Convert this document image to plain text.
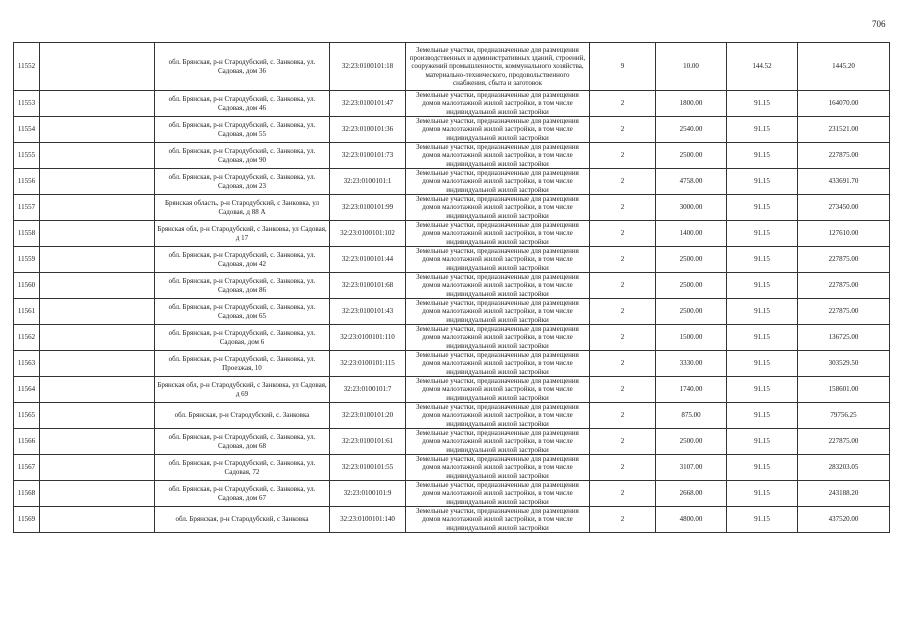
706
11552		обл. Брянская, р-н Стародубский, с. Занковка, ул. Садовая, дом 36	32:23:0100101:18	Земельные участки, предназначенные для размещения производственных и административных зданий, строений, сооружений промышленности, коммунального хозяйства, материально-технического, продовольственного снабжения, сбыта и заготовок	9	10.00	144.52	1445.20
11553		обл. Брянская, р-н Стародубский, с. Занковка, ул. Садовая, дом 46	32:23:0100101:47	Земельные участки, предназначенные для размещения домов малоэтажной жилой застройки, в том числе индивидуальной жилой застройки	2	1800.00	91.15	164070.00
11554		обл. Брянская, р-н Стародубский, с. Занковка, ул. Садовая, дом 55	32:23:0100101:36	Земельные участки, предназначенные для размещения домов малоэтажной жилой застройки, в том числе индивидуальной жилой застройки	2	2540.00	91.15	231521.00
11555		обл. Брянская, р-н Стародубский, с. Занковка, ул. Садовая, дом 90	32:23:0100101:73	Земельные участки, предназначенные для размещения домов малоэтажной жилой застройки, в том числе индивидуальной жилой застройки	2	2500.00	91.15	227875.00
11556		обл. Брянская, р-н Стародубский, с. Занковка, ул. Садовая, дом 23	32:23:0100101:1	Земельные участки, предназначенные для размещения домов малоэтажной жилой застройки, в том числе индивидуальной жилой застройки	2	4758.00	91.15	433691.70
11557		Брянская область, р-н Стародубский, с Занковка, ул Садовая, д 88 А	32:23:0100101:99	Земельные участки, предназначенные для размещения домов малоэтажной жилой застройки, в том числе индивидуальной жилой застройки	2	3000.00	91.15	273450.00
11558		Брянская обл, р-н Стародубский, с Занковка, ул Садовая, д 17	32:23:0100101:102	Земельные участки, предназначенные для размещения домов малоэтажной жилой застройки, в том числе индивидуальной жилой застройки	2	1400.00	91.15	127610.00
11559		обл. Брянская, р-н Стародубский, с. Занковка, ул. Садовая, дом 42	32:23:0100101:44	Земельные участки, предназначенные для размещения домов малоэтажной жилой застройки, в том числе индивидуальной жилой застройки	2	2500.00	91.15	227875.00
11560		обл. Брянская, р-н Стародубский, с. Занковка, ул. Садовая, дом 86	32:23:0100101:68	Земельные участки, предназначенные для размещения домов малоэтажной жилой застройки, в том числе индивидуальной жилой застройки	2	2500.00	91.15	227875.00
11561		обл. Брянская, р-н Стародубский, с. Занковка, ул. Садовая, дом 65	32:23:0100101:43	Земельные участки, предназначенные для размещения домов малоэтажной жилой застройки, в том числе индивидуальной жилой застройки	2	2500.00	91.15	227875.00
11562		обл. Брянская, р-н Стародубский, с. Занковка, ул. Садовая, дом 6	32:23:0100101:110	Земельные участки, предназначенные для размещения домов малоэтажной жилой застройки, в том числе индивидуальной жилой застройки	2	1500.00	91.15	136725.00
11563		обл. Брянская, р-н Стародубский, с. Занковка, ул. Проезжая, 10	32:23:0100101:115	Земельные участки, предназначенные для размещения домов малоэтажной жилой застройки, в том числе индивидуальной жилой застройки	2	3330.00	91.15	303529.50
11564		Брянская обл, р-н Стародубский, с Занковка, ул Садовая, д 69	32:23:0100101:7	Земельные участки, предназначенные для размещения домов малоэтажной жилой застройки, в том числе индивидуальной жилой застройки	2	1740.00	91.15	158601.00
11565		обл. Брянская, р-н Стародубский, с. Занковка	32:23:0100101:20	Земельные участки, предназначенные для размещения домов малоэтажной жилой застройки, в том числе индивидуальной жилой застройки	2	875.00	91.15	79756.25
11566		обл. Брянская, р-н Стародубский, с. Занковка, ул. Садовая, дом 68	32:23:0100101:61	Земельные участки, предназначенные для размещения домов малоэтажной жилой застройки, в том числе индивидуальной жилой застройки	2	2500.00	91.15	227875.00
11567		обл. Брянская, р-н Стародубский, с. Занковка, ул. Садовая, 72	32:23:0100101:55	Земельные участки, предназначенные для размещения домов малоэтажной жилой застройки, в том числе индивидуальной жилой застройки	2	3107.00	91.15	283203.05
11568		обл. Брянская, р-н Стародубский, с. Занковка, ул. Садовая, дом 67	32:23:0100101:9	Земельные участки, предназначенные для размещения домов малоэтажной жилой застройки, в том числе индивидуальной жилой застройки	2	2668.00	91.15	243188.20
11569		обл. Брянская, р-н Стародубский, с Занковка	32:23:0100101:140	Земельные участки, предназначенные для размещения домов малоэтажной жилой застройки, в том числе индивидуальной жилой застройки	2	4800.00	91.15	437520.00
